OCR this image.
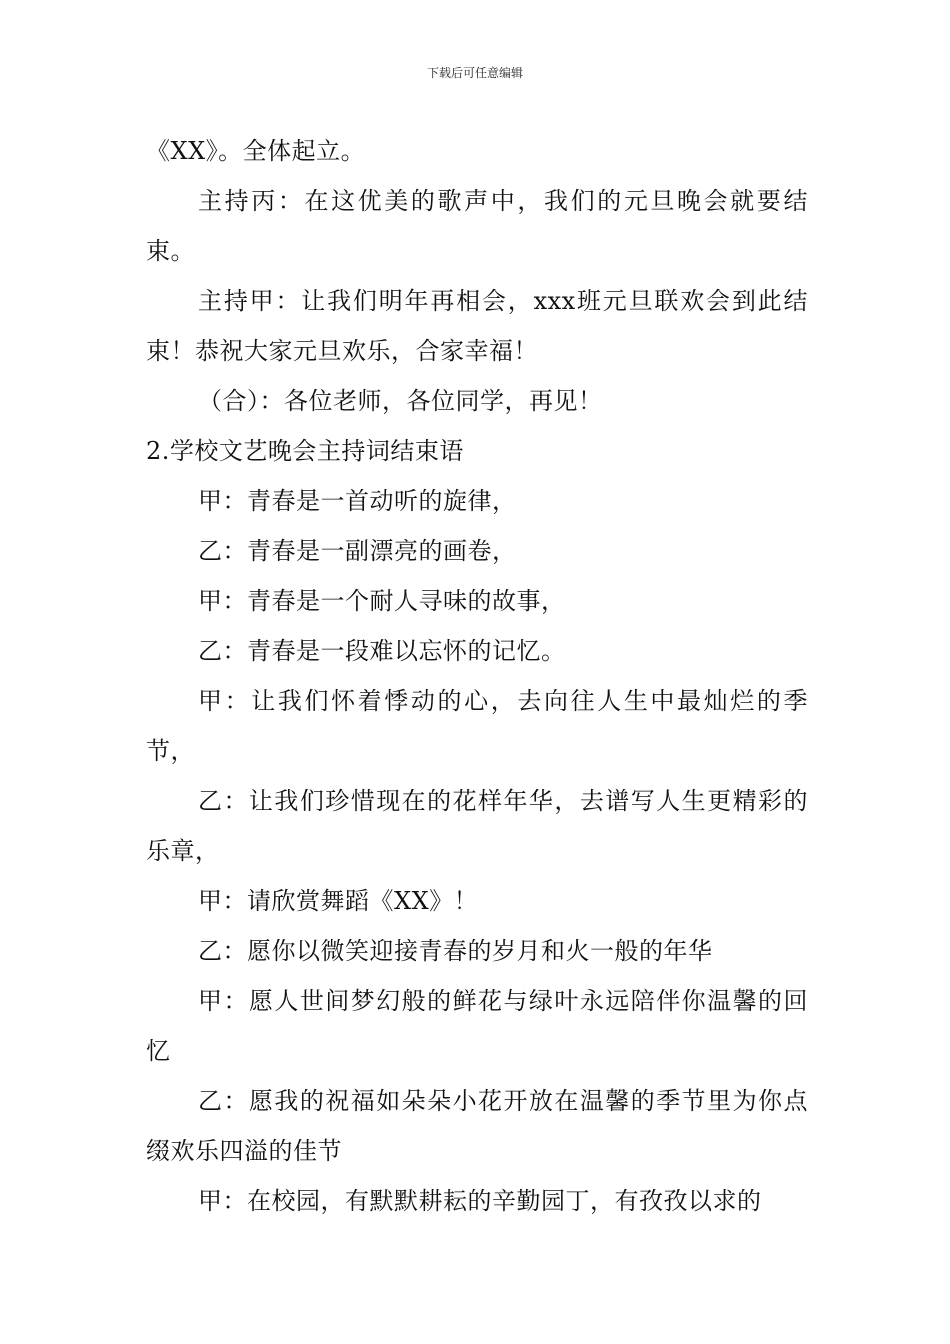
下载后可任意编辑

《XX》。全体起立。

主持丙：在这优美的歌声中，我们的元旦晚会就要结束。

主持甲：让我们明年再相会，xxx班元旦联欢会到此结束！恭祝大家元旦欢乐，合家幸福！

（合）：各位老师，各位同学，再见！

2.学校文艺晚会主持词结束语

甲：青春是一首动听的旋律，

乙：青春是一副漂亮的画卷，

甲：青春是一个耐人寻味的故事，

乙：青春是一段难以忘怀的记忆。

甲：让我们怀着悸动的心，去向往人生中最灿烂的季节，

乙：让我们珍惜现在的花样年华，去谱写人生更精彩的乐章，

甲：请欣赏舞蹈《XX》！

乙：愿你以微笑迎接青春的岁月和火一般的年华

甲：愿人世间梦幻般的鲜花与绿叶永远陪伴你温馨的回忆

乙：愿我的祝福如朵朵小花开放在温馨的季节里为你点缀欢乐四溢的佳节

甲：在校园，有默默耕耘的辛勤园丁，有孜孜以求的
